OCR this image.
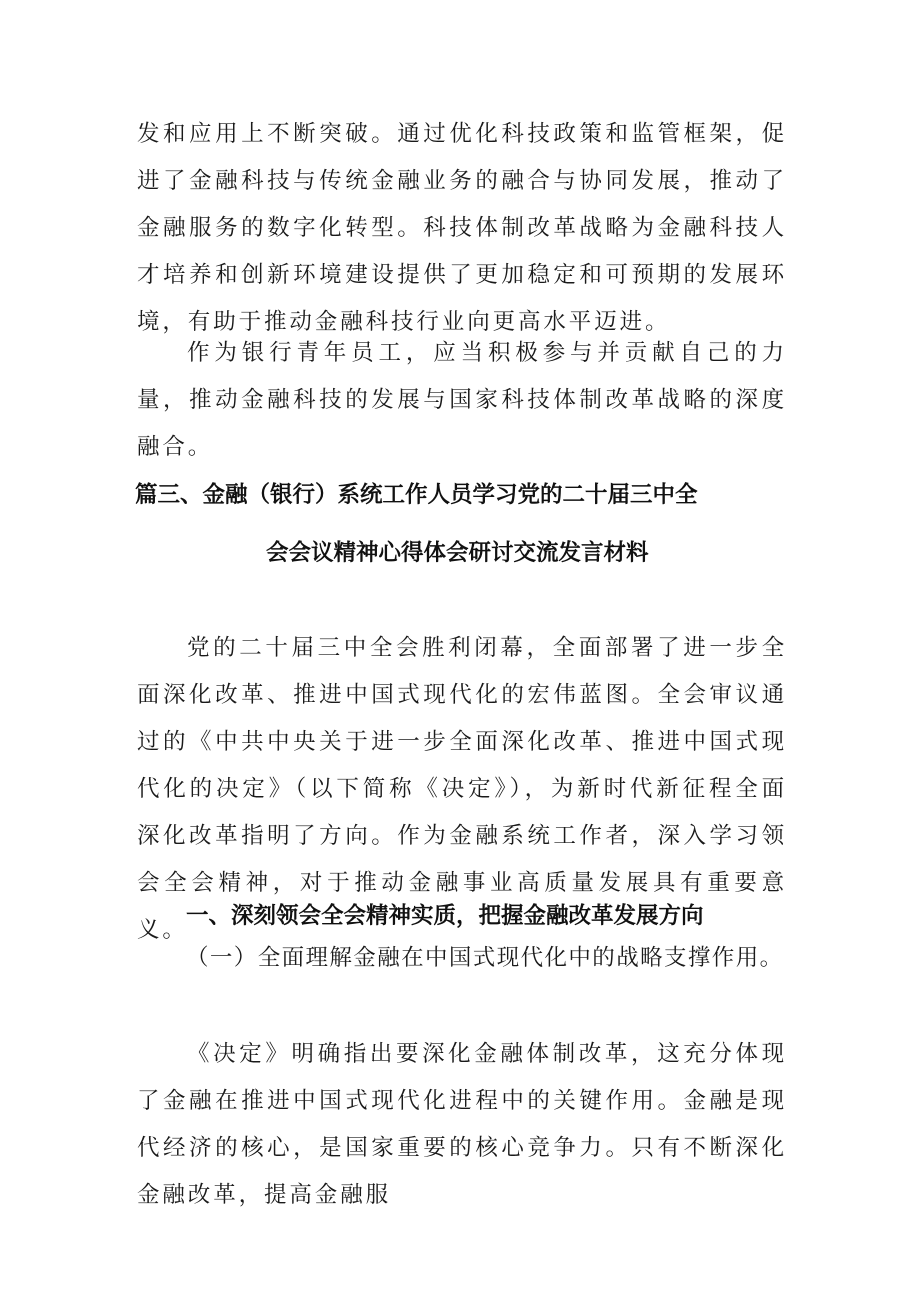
发和应用上不断突破。通过优化科技政策和监管框架，促进了金融科技与传统金融业务的融合与协同发展，推动了金融服务的数字化转型。科技体制改革战略为金融科技人才培养和创新环境建设提供了更加稳定和可预期的发展环境，有助于推动金融科技行业向更高水平迈进。

作为银行青年员工，应当积极参与并贡献自己的力量，推动金融科技的发展与国家科技体制改革战略的深度融合。

篇三、金融（银行）系统工作人员学习党的二十届三中全
会会议精神心得体会研讨交流发言材料

党的二十届三中全会胜利闭幕，全面部署了进一步全面深化改革、推进中国式现代化的宏伟蓝图。全会审议通过的《中共中央关于进一步全面深化改革、推进中国式现代化的决定》（以下简称《决定》），为新时代新征程全面深化改革指明了方向。作为金融系统工作者，深入学习领会全会精神，对于推动金融事业高质量发展具有重要意义。

一、深刻领会全会精神实质，把握金融改革发展方向

（一）全面理解金融在中国式现代化中的战略支撑作用。

《决定》明确指出要深化金融体制改革，这充分体现了金融在推进中国式现代化进程中的关键作用。金融是现代经济的核心，是国家重要的核心竞争力。只有不断深化金融改革，提高金融服
